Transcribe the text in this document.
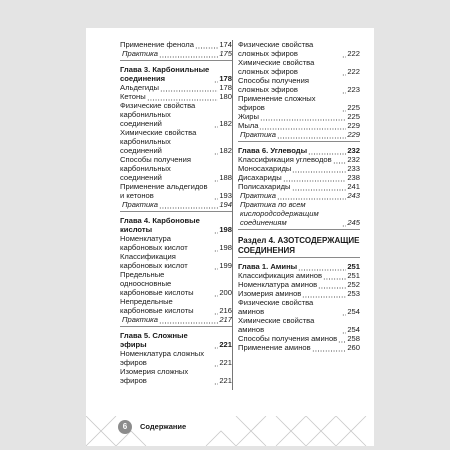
Применение фенола	174
Практика	175
Глава 3. Карбонильные соединения	178
Альдегиды	178
Кетоны	180
Физические свойства карбонильных соединений	182
Химические свойства карбонильных соединений	182
Способы получения карбонильных соединений	188
Применение альдегидов и кетонов	193
Практика	194
Глава 4. Карбоновые кислоты	198
Номенклатура карбоновых кислот	198
Классификация карбоновых кислот	199
Предельные одноосновные карбоновые кислоты	200
Непредельные карбоновые кислоты	216
Практика	217
Глава 5. Сложные эфиры	221
Номенклатура сложных эфиров	221
Изомерия сложных эфиров	221
Физические свойства сложных эфиров	222
Химические свойства сложных эфиров	222
Способы получения сложных эфиров	223
Применение сложных эфиров	225
Жиры	225
Мыла	229
Практика	229
Глава 6. Углеводы	232
Классификация углеводов 232
Моносахариды	233
Дисахариды	238
Полисахариды	241
Практика	243
Практика по всем кислородсодержащим соединениям	245
Раздел 4. АЗОТСОДЕРЖАЩИЕ СОЕДИНЕНИЯ
Глава 1. Амины	251
Классификация аминов	251
Номенклатура аминов	252
Изомерия аминов	253
Физические свойства аминов	254
Химические свойства аминов	254
Способы получения аминов 258
Применение аминов	260
6	Содержание
